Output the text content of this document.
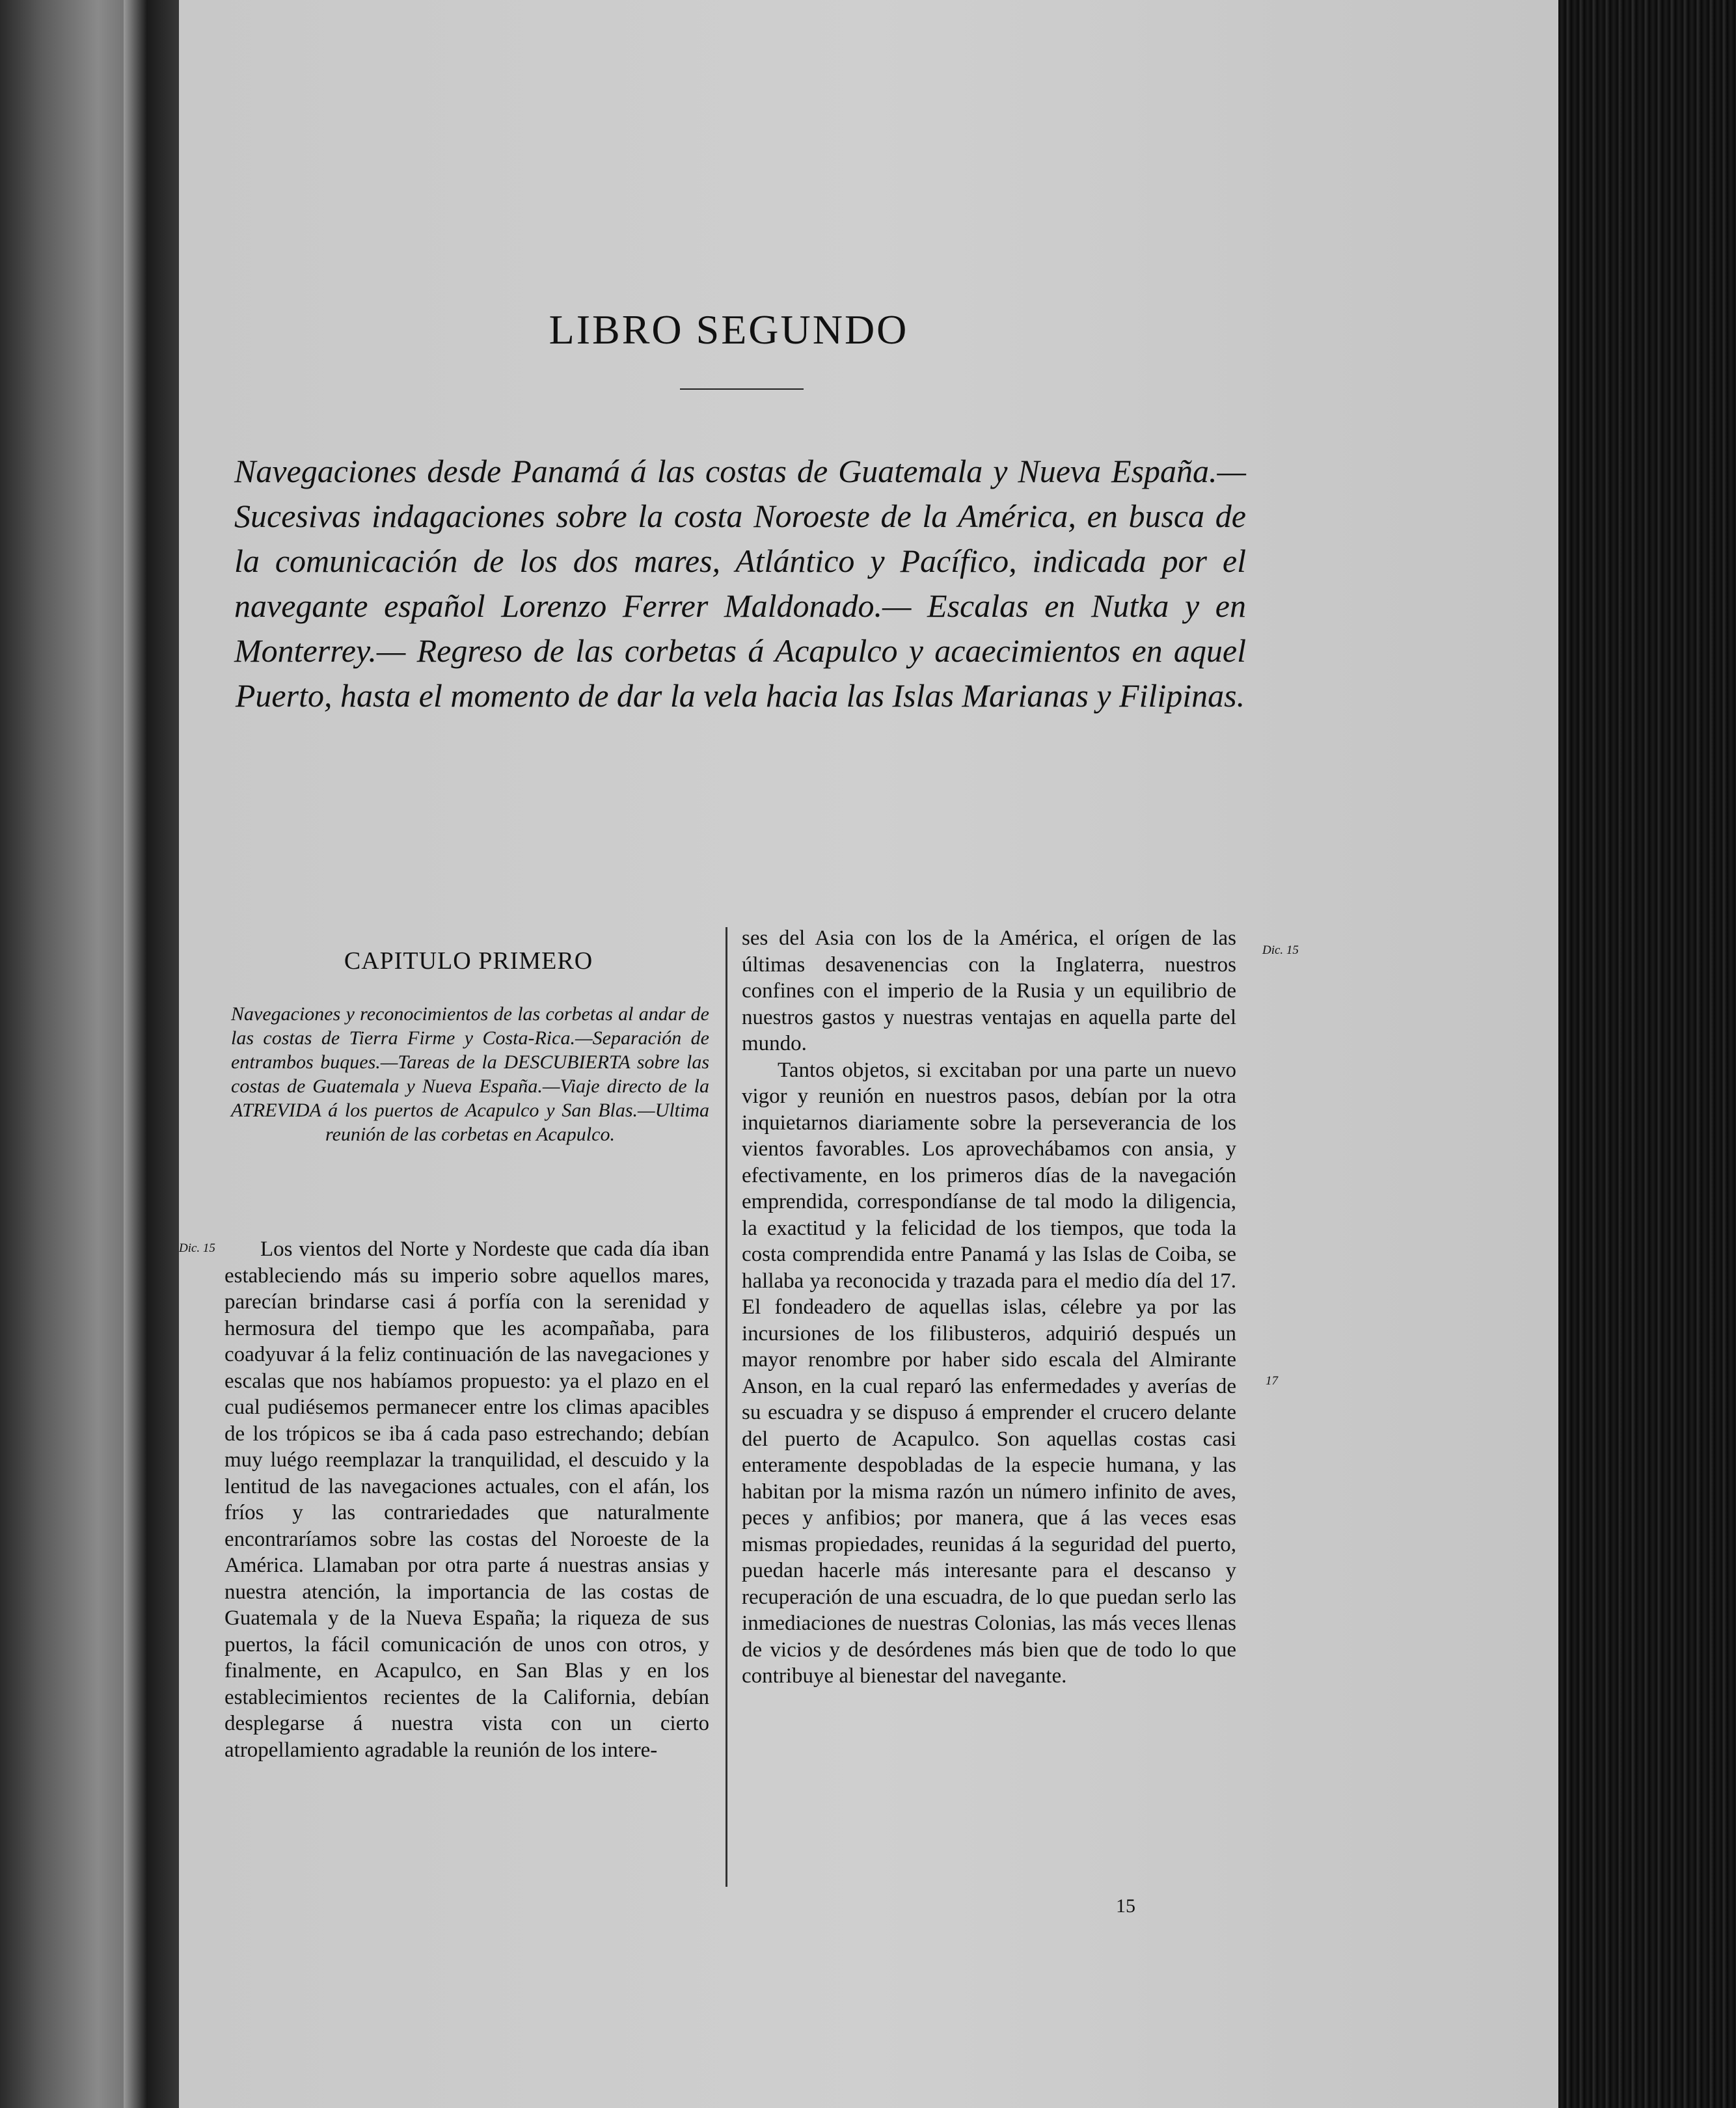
LIBRO SEGUNDO
Navegaciones desde Panamá á las costas de Guatemala y Nueva España.— Sucesivas indagaciones sobre la costa Noroeste de la América, en busca de la comunicación de los dos mares, Atlántico y Pacífico, indicada por el navegante español Lorenzo Ferrer Maldonado.— Escalas en Nutka y en Monterrey.— Regreso de las corbetas á Acapulco y acaecimientos en aquel Puerto, hasta el momento de dar la vela hacia las Islas Marianas y Filipinas.
CAPITULO PRIMERO
Navegaciones y reconocimientos de las corbetas al andar de las costas de Tierra Firme y Costa-Rica.—Separación de entrambos buques.—Tareas de la DESCUBIERTA sobre las costas de Guatemala y Nueva España.—Viaje directo de la ATREVIDA á los puertos de Acapulco y San Blas.—Ultima reunión de las corbetas en Acapulco.
Los vientos del Norte y Nordeste que cada día iban estableciendo más su imperio sobre aquellos mares, parecían brindarse casi á porfía con la serenidad y hermosura del tiempo que les acompañaba, para coadyuvar á la feliz continuación de las navegaciones y escalas que nos habíamos propuesto: ya el plazo en el cual pudiésemos permanecer entre los climas apacibles de los trópicos se iba á cada paso estrechando; debían muy luégo reemplazar la tranquilidad, el descuido y la lentitud de las navegaciones actuales, con el afán, los fríos y las contrariedades que naturalmente encontraríamos sobre las costas del Noroeste de la América. Llamaban por otra parte á nuestras ansias y nuestra atención, la importancia de las costas de Guatemala y de la Nueva España; la riqueza de sus puertos, la fácil comunicación de unos con otros, y finalmente, en Acapulco, en San Blas y en los establecimientos recientes de la California, debían desplegarse á nuestra vista con un cierto atropellamiento agradable la reunión de los intere-

ses del Asia con los de la América, el orígen de las últimas desavenencias con la Inglaterra, nuestros confines con el imperio de la Rusia y un equilibrio de nuestros gastos y nuestras ventajas en aquella parte del mundo.

Tantos objetos, si excitaban por una parte un nuevo vigor y reunión en nuestros pasos, debían por la otra inquietarnos diariamente sobre la perseverancia de los vientos favorables. Los aprovechábamos con ansia, y efectivamente, en los primeros días de la navegación emprendida, correspondíanse de tal modo la diligencia, la exactitud y la felicidad de los tiempos, que toda la costa comprendida entre Panamá y las Islas de Coiba, se hallaba ya reconocida y trazada para el medio día del 17. El fondeadero de aquellas islas, célebre ya por las incursiones de los filibusteros, adquirió después un mayor renombre por haber sido escala del Almirante Anson, en la cual reparó las enfermedades y averías de su escuadra y se dispuso á emprender el crucero delante del puerto de Acapulco. Son aquellas costas casi enteramente despobladas de la especie humana, y las habitan por la misma razón un número infinito de aves, peces y anfibios; por manera, que á las veces esas mismas propiedades, reunidas á la seguridad del puerto, puedan hacerle más interesante para el descanso y recuperación de una escuadra, de lo que puedan serlo las inmediaciones de nuestras Colonias, las más veces llenas de vicios y de desórdenes más bien que de todo lo que contribuye al bienestar del navegante.

Dic. 15
Dic. 15
17
15
